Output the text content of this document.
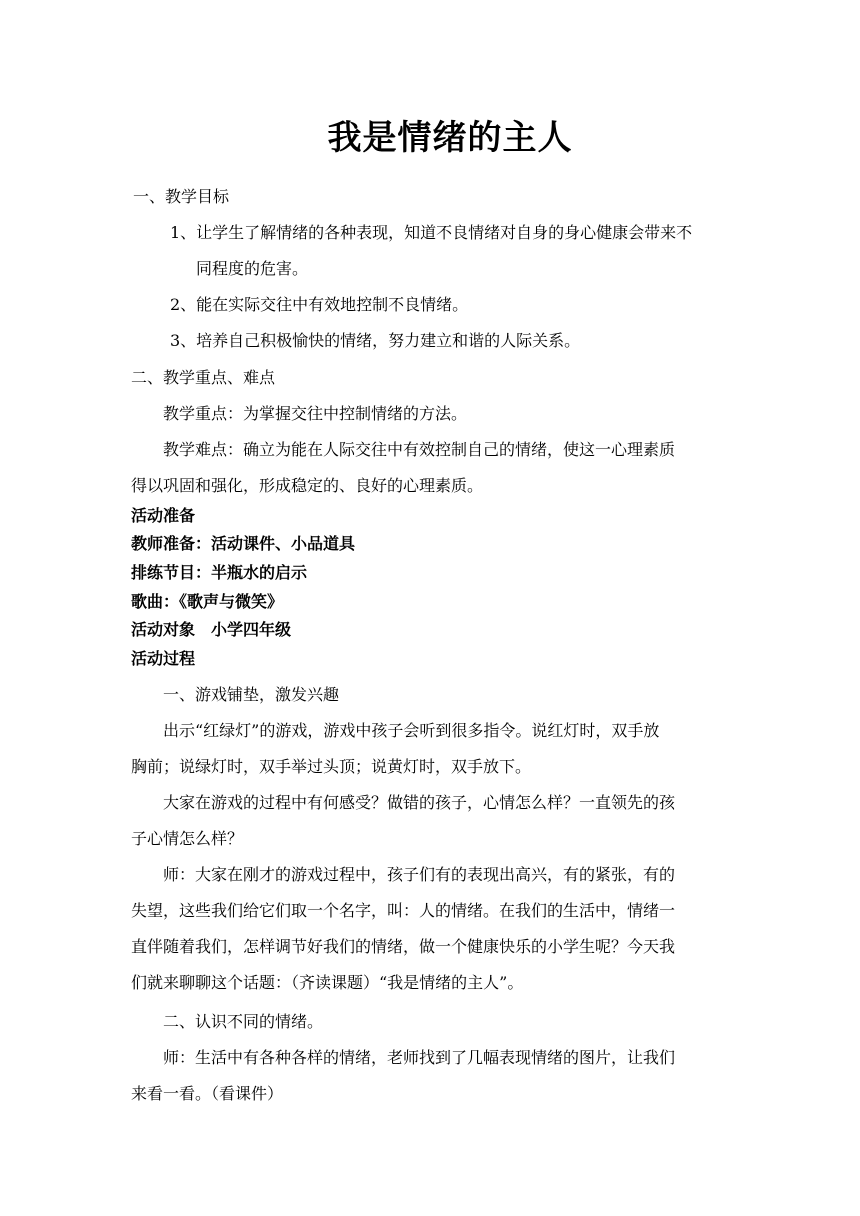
我是情绪的主人
一、教学目标
1、让学生了解情绪的各种表现，知道不良情绪对自身的身心健康会带来不
同程度的危害。
2、能在实际交往中有效地控制不良情绪。
3、培养自己积极愉快的情绪，努力建立和谐的人际关系。
二、教学重点、难点
教学重点：为掌握交往中控制情绪的方法。
教学难点：确立为能在人际交往中有效控制自己的情绪，使这一心理素质
得以巩固和强化，形成稳定的、良好的心理素质。
活动准备
教师准备：活动课件、小品道具
排练节目：半瓶水的启示
歌曲：《歌声与微笑》
活动对象　小学四年级
活动过程
一、游戏铺垫，激发兴趣
出示“红绿灯”的游戏，游戏中孩子会听到很多指令。说红灯时，双手放
胸前；说绿灯时，双手举过头顶；说黄灯时，双手放下。
大家在游戏的过程中有何感受？做错的孩子，心情怎么样？一直领先的孩
子心情怎么样？
师：大家在刚才的游戏过程中，孩子们有的表现出高兴，有的紧张，有的
失望，这些我们给它们取一个名字，叫：人的情绪。在我们的生活中，情绪一
直伴随着我们，怎样调节好我们的情绪，做一个健康快乐的小学生呢？今天我
们就来聊聊这个话题：（齐读课题）“我是情绪的主人”。
二、认识不同的情绪。
师：生活中有各种各样的情绪，老师找到了几幅表现情绪的图片，让我们
来看一看。（看课件）
